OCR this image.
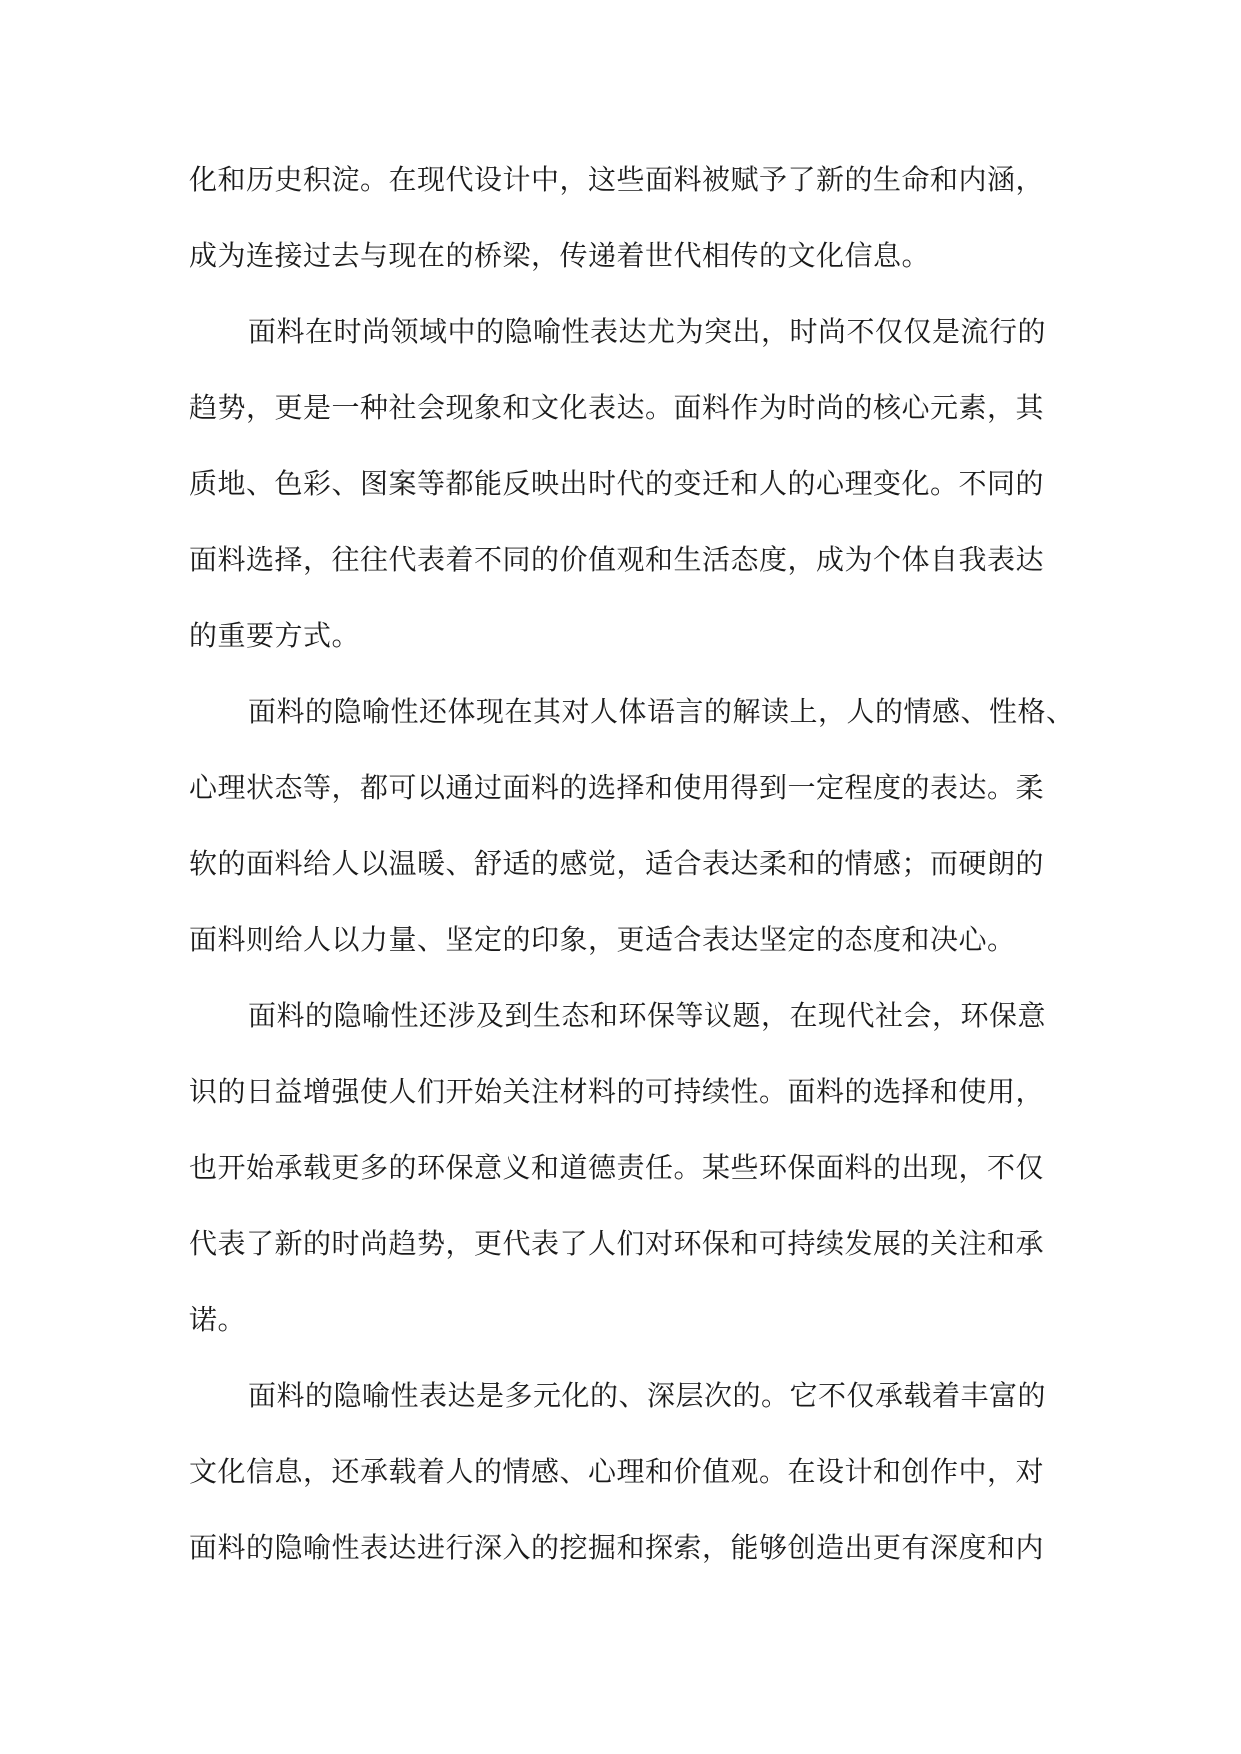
化和历史积淀。在现代设计中，这些面料被赋予了新的生命和内涵，
成为连接过去与现在的桥梁，传递着世代相传的文化信息。
面料在时尚领域中的隐喻性表达尤为突出，时尚不仅仅是流行的
趋势，更是一种社会现象和文化表达。面料作为时尚的核心元素，其
质地、色彩、图案等都能反映出时代的变迁和人的心理变化。不同的
面料选择，往往代表着不同的价值观和生活态度，成为个体自我表达
的重要方式。
面料的隐喻性还体现在其对人体语言的解读上，人的情感、性格、
心理状态等，都可以通过面料的选择和使用得到一定程度的表达。柔
软的面料给人以温暖、舒适的感觉，适合表达柔和的情感；而硬朗的
面料则给人以力量、坚定的印象，更适合表达坚定的态度和决心。
面料的隐喻性还涉及到生态和环保等议题，在现代社会，环保意
识的日益增强使人们开始关注材料的可持续性。面料的选择和使用，
也开始承载更多的环保意义和道德责任。某些环保面料的出现，不仅
代表了新的时尚趋势，更代表了人们对环保和可持续发展的关注和承
诺。
面料的隐喻性表达是多元化的、深层次的。它不仅承载着丰富的
文化信息，还承载着人的情感、心理和价值观。在设计和创作中，对
面料的隐喻性表达进行深入的挖掘和探索，能够创造出更有深度和内
